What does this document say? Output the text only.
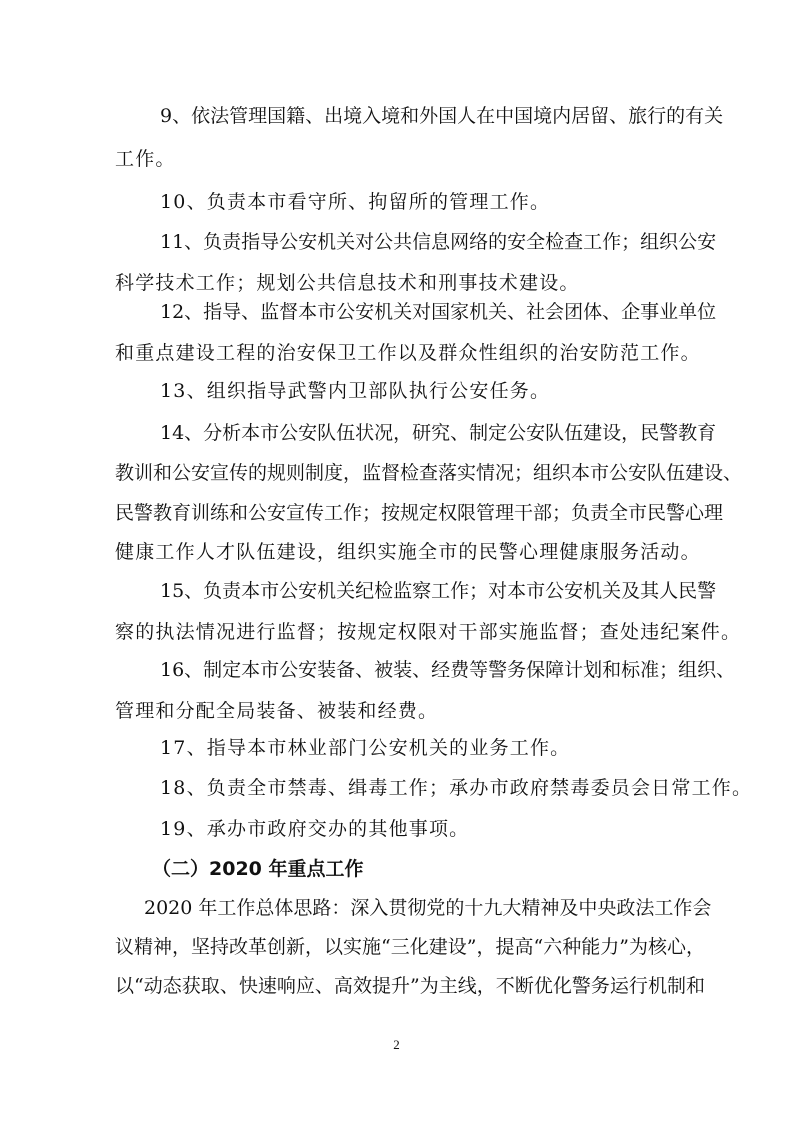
9、依法管理国籍、出境入境和外国人在中国境内居留、旅行的有关
工作。
10、负责本市看守所、拘留所的管理工作。
11、负责指导公安机关对公共信息网络的安全检查工作；组织公安
科学技术工作；规划公共信息技术和刑事技术建设。
12、指导、监督本市公安机关对国家机关、社会团体、企事业单位
和重点建设工程的治安保卫工作以及群众性组织的治安防范工作。
13、组织指导武警内卫部队执行公安任务。
14、分析本市公安队伍状况，研究、制定公安队伍建设，民警教育
教训和公安宣传的规则制度，监督检查落实情况；组织本市公安队伍建设、
民警教育训练和公安宣传工作；按规定权限管理干部；负责全市民警心理
健康工作人才队伍建设，组织实施全市的民警心理健康服务活动。
15、负责本市公安机关纪检监察工作；对本市公安机关及其人民警
察的执法情况进行监督；按规定权限对干部实施监督；查处违纪案件。
16、制定本市公安装备、被装、经费等警务保障计划和标准；组织、
管理和分配全局装备、被装和经费。
17、指导本市林业部门公安机关的业务工作。
18、负责全市禁毒、缉毒工作；承办市政府禁毒委员会日常工作。
19、承办市政府交办的其他事项。
（二）2020 年重点工作
2020 年工作总体思路：深入贯彻党的十九大精神及中央政法工作会
议精神，坚持改革创新，以实施“三化建设”，提高“六种能力”为核心，
以“动态获取、快速响应、高效提升”为主线，不断优化警务运行机制和
2
